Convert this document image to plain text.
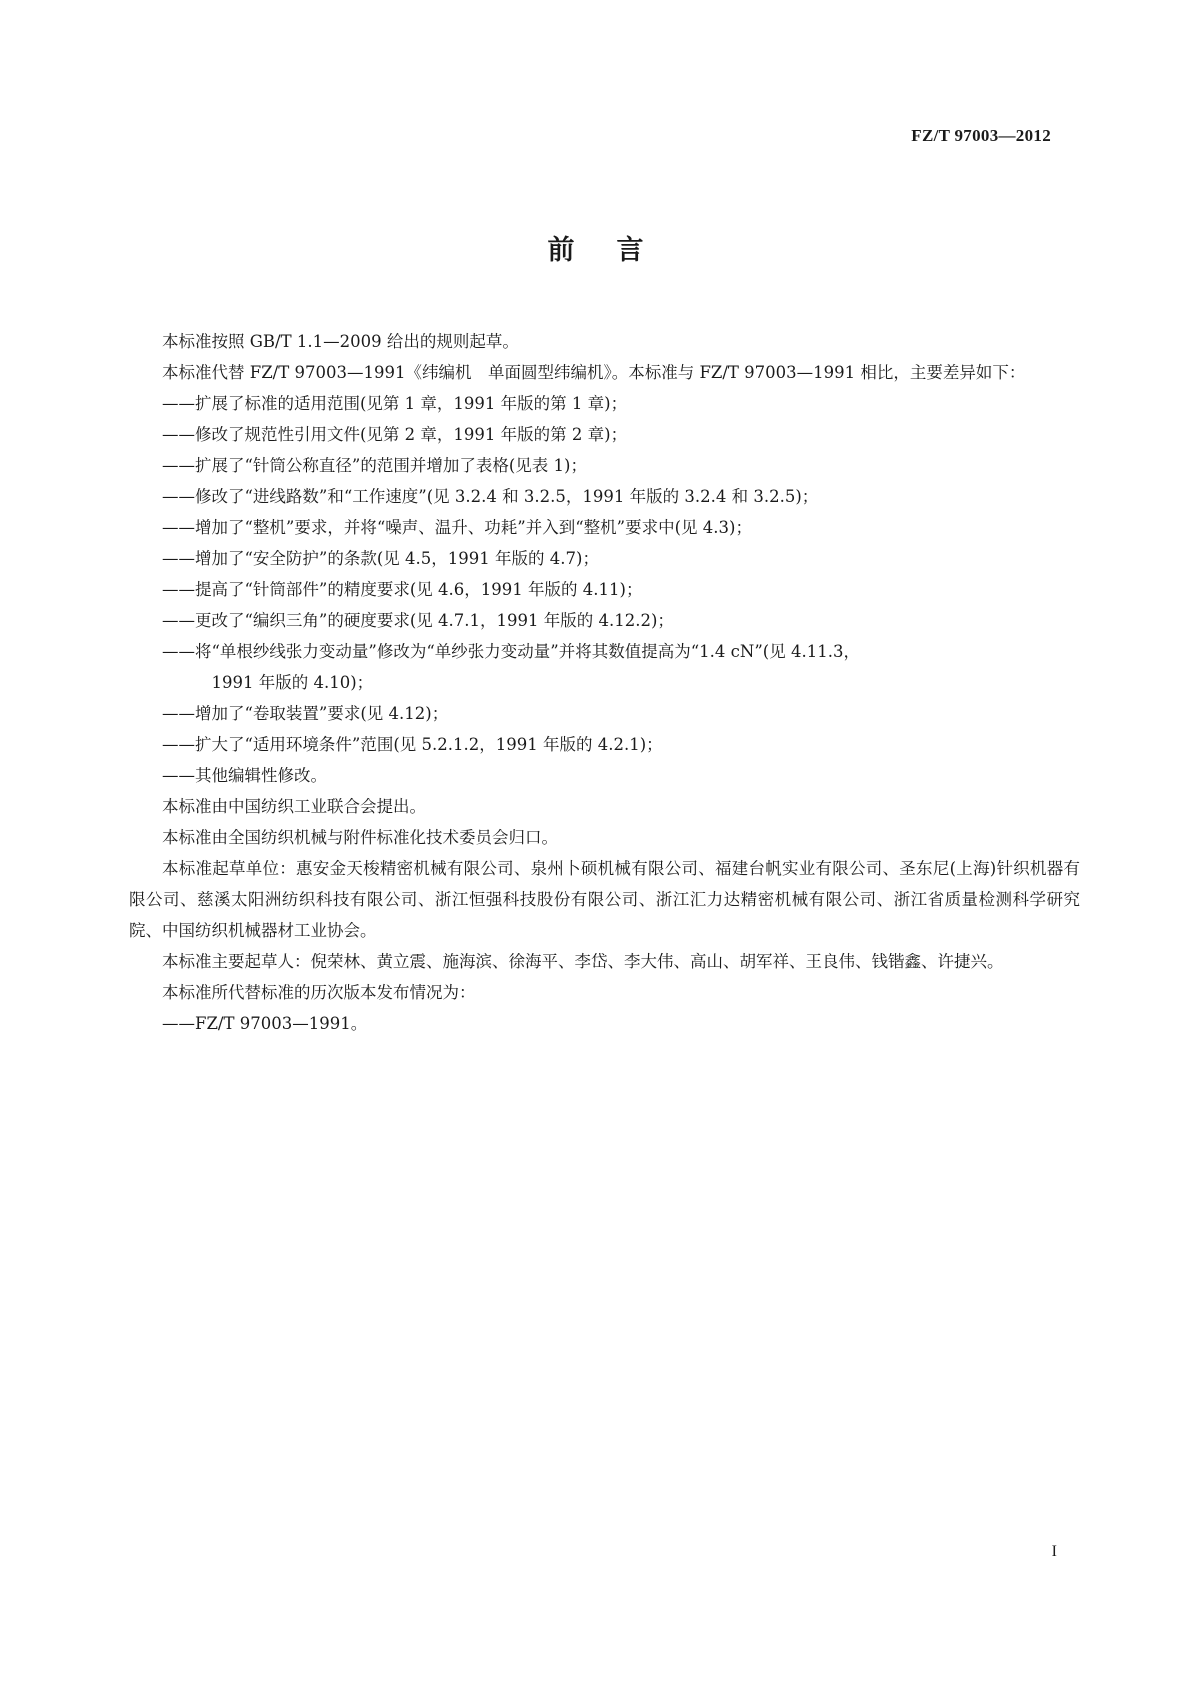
FZ/T 97003—2012
前言

本标准按照 GB/T 1.1—2009 给出的规则起草。

本标准代替 FZ/T 97003—1991《纬编机　单面圆型纬编机》。本标准与 FZ/T 97003—1991 相比，主要差异如下：

——扩展了标准的适用范围(见第 1 章，1991 年版的第 1 章)；

——修改了规范性引用文件(见第 2 章，1991 年版的第 2 章)；

——扩展了“针筒公称直径”的范围并增加了表格(见表 1)；

——修改了“进线路数”和“工作速度”(见 3.2.4 和 3.2.5，1991 年版的 3.2.4 和 3.2.5)；

——增加了“整机”要求，并将“噪声、温升、功耗”并入到“整机”要求中(见 4.3)；

——增加了“安全防护”的条款(见 4.5，1991 年版的 4.7)；

——提高了“针筒部件”的精度要求(见 4.6，1991 年版的 4.11)；

——更改了“编织三角”的硬度要求(见 4.7.1，1991 年版的 4.12.2)；

——将“单根纱线张力变动量”修改为“单纱张力变动量”并将其数值提高为“1.4 cN”(见 4.11.3，

1991 年版的 4.10)；

——增加了“卷取装置”要求(见 4.12)；

——扩大了“适用环境条件”范围(见 5.2.1.2，1991 年版的 4.2.1)；

——其他编辑性修改。

本标准由中国纺织工业联合会提出。

本标准由全国纺织机械与附件标准化技术委员会归口。

本标准起草单位：惠安金天梭精密机械有限公司、泉州卜硕机械有限公司、福建台帆实业有限公司、圣东尼(上海)针织机器有限公司、慈溪太阳洲纺织科技有限公司、浙江恒强科技股份有限公司、浙江汇力达精密机械有限公司、浙江省质量检测科学研究院、中国纺织机械器材工业协会。

本标准主要起草人：倪荣林、黄立震、施海滨、徐海平、李岱、李大伟、高山、胡军祥、王良伟、钱锴鑫、许捷兴。

本标准所代替标准的历次版本发布情况为：

——FZ/T 97003—1991。

I
